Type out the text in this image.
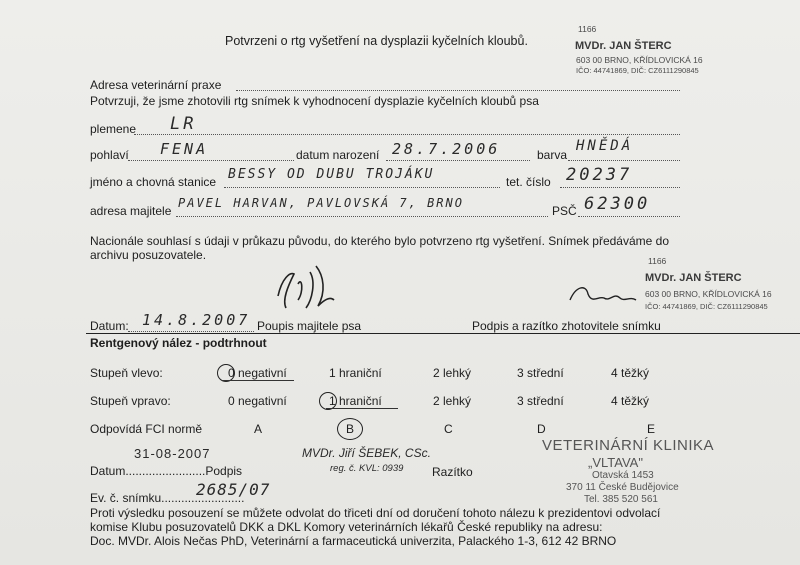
Potvrzeni o rtg vyšetření na dysplazii kyčelních kloubů.
1166
MVDr. JAN ŠTERC
603 00 BRNO, KŘÍDLOVICKÁ 16
IČO: 44741869, DIČ: CZ6111290845
Adresa veterinární praxe
Potvrzuji, že jsme zhotovili rtg snímek k vyhodnocení dysplazie kyčelních kloubů psa
plemene LR
pohlaví FENA	datum narození 28.7.2006	barva
HNĚDÁ
jméno a chovná stanice BESSY OD DUBU TROJÁKU	tet. číslo 20237
adresa majitele
PAVEL HARVAN, PAVLOVSKÁ 7, BRNO
PSČ 62300
Nacionále souhlasí s údaji v průkazu původu, do kterého bylo potvrzeno rtg vyšetření. Snímek předáváme do
archivu posuzovatele.	1166
MVDr. JAN ŠTERC
603 00 BRNO, KŘÍDLOVICKÁ 16
IČO: 44741869, DIČ: CZ6111290845
Datum: 14.8.2007 Poupis majitele psa	Podpis a razítko zhotovitele snímku
Rentgenový nález - podtrhnout
Stupeň vlevo:	0 negativní	1 hraniční	2 lehký	3 střední	4 těžký
Stupeň vpravo:	0 negativní	1 hraniční	2 lehký	3 střední	4 těžký
Odpovídá FCI normě	A	B	C	D	E
31-08-2007
Datum........................Podpis
MVDr. Jiří ŠEBEK, CSc.
reg. č. KVL: 0939 Razítko
VETERINÁRNÍ KLINIKA
„VLTAVA"
Otavská 1453
370 11 České Budějovice
Tel. 385 520 561
Ev. č. snímku.........................
2685/07
Proti výsledku posouzení se můžete odvolat do třiceti dní od doručení tohoto nálezu k prezidentovi odvolací
komise Klubu posuzovatelů DKK a DKL Komory veterinárních lékařů České republiky na adresu:
Doc. MVDr. Alois Nečas PhD, Veterinární a farmaceutická univerzita, Palackého 1-3, 612 42 BRNO
